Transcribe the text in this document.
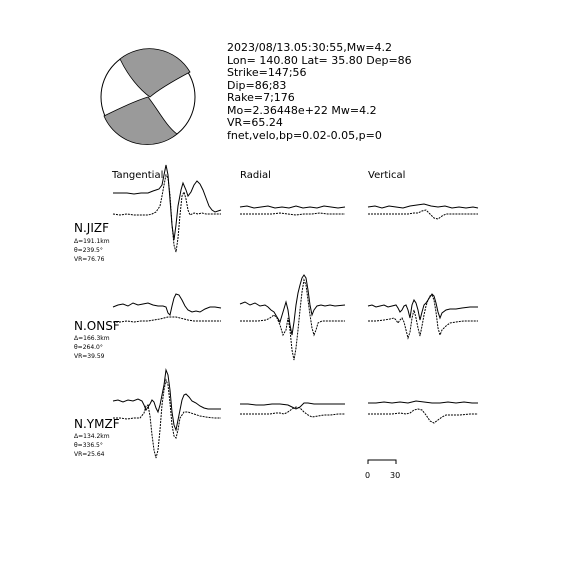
2023/08/13.05:30:55,Mw=4.2
Lon= 140.80 Lat= 35.80 Dep=86
Strike=147;56
Dip=86;83
Rake=7;176
Mo=2.36448e+22 Mw=4.2
VR=65.24
fnet,velo,bp=0.02-0.05,p=0
Tangential	Radial	Vertical
N.JIZF
Δ=191.1km
θ=239.5°
VR=76.76
N.ONSF
Δ=166.3km
θ=264.0°
VR=39.59
N.YMZF
Δ=134.2km
θ=336.5°
VR=25.64
0 30
